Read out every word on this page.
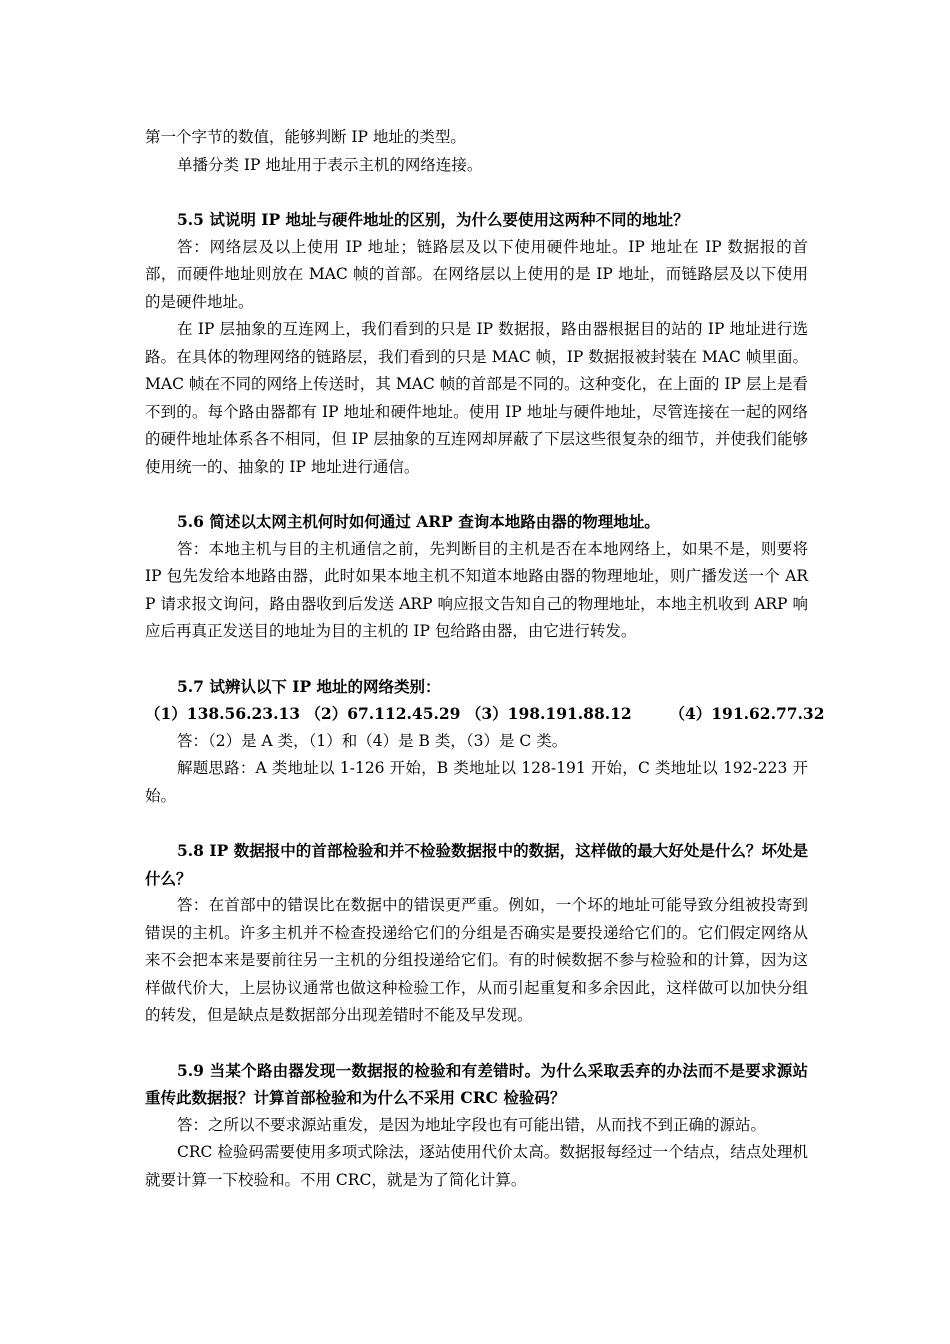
第一个字节的数值，能够判断 IP 地址的类型。

单播分类 IP 地址用于表示主机的网络连接。

5.5 试说明 IP 地址与硬件地址的区别，为什么要使用这两种不同的地址？

答：网络层及以上使用 IP 地址；链路层及以下使用硬件地址。IP 地址在 IP 数据报的首部，而硬件地址则放在 MAC 帧的首部。在网络层以上使用的是 IP 地址，而链路层及以下使用的是硬件地址。

在 IP 层抽象的互连网上，我们看到的只是 IP 数据报，路由器根据目的站的 IP 地址进行选路。在具体的物理网络的链路层，我们看到的只是 MAC 帧，IP 数据报被封装在 MAC 帧里面。MAC 帧在不同的网络上传送时，其 MAC 帧的首部是不同的。这种变化，在上面的 IP 层上是看不到的。每个路由器都有 IP 地址和硬件地址。使用 IP 地址与硬件地址，尽管连接在一起的网络的硬件地址体系各不相同，但 IP 层抽象的互连网却屏蔽了下层这些很复杂的细节，并使我们能够使用统一的、抽象的 IP 地址进行通信。

5.6 简述以太网主机何时如何通过 ARP 查询本地路由器的物理地址。

答：本地主机与目的主机通信之前，先判断目的主机是否在本地网络上，如果不是，则要将 IP 包先发给本地路由器，此时如果本地主机不知道本地路由器的物理地址，则广播发送一个 ARP 请求报文询问，路由器收到后发送 ARP 响应报文告知自己的物理地址，本地主机收到 ARP 响应后再真正发送目的地址为目的主机的 IP 包给路由器，由它进行转发。

5.7 试辨认以下 IP 地址的网络类别：

（1）138.56.23.13 （2）67.112.45.29 （3）198.191.88.12       （4）191.62.77.32

答：（2）是 A 类，（1）和（4）是 B 类，（3）是 C 类。

解题思路：A 类地址以 1-126 开始，B 类地址以 128-191 开始，C 类地址以 192-223 开始。

5.8 IP 数据报中的首部检验和并不检验数据报中的数据，这样做的最大好处是什么？坏处是什么？

答：在首部中的错误比在数据中的错误更严重。例如，一个坏的地址可能导致分组被投寄到错误的主机。许多主机并不检查投递给它们的分组是否确实是要投递给它们的。它们假定网络从来不会把本来是要前往另一主机的分组投递给它们。有的时候数据不参与检验和的计算，因为这样做代价大，上层协议通常也做这种检验工作，从而引起重复和多余因此，这样做可以加快分组的转发，但是缺点是数据部分出现差错时不能及早发现。

5.9 当某个路由器发现一数据报的检验和有差错时。为什么采取丢弃的办法而不是要求源站重传此数据报？计算首部检验和为什么不采用 CRC 检验码？

答：之所以不要求源站重发，是因为地址字段也有可能出错，从而找不到正确的源站。

CRC 检验码需要使用多项式除法，逐站使用代价太高。数据报每经过一个结点，结点处理机就要计算一下校验和。不用 CRC，就是为了简化计算。
